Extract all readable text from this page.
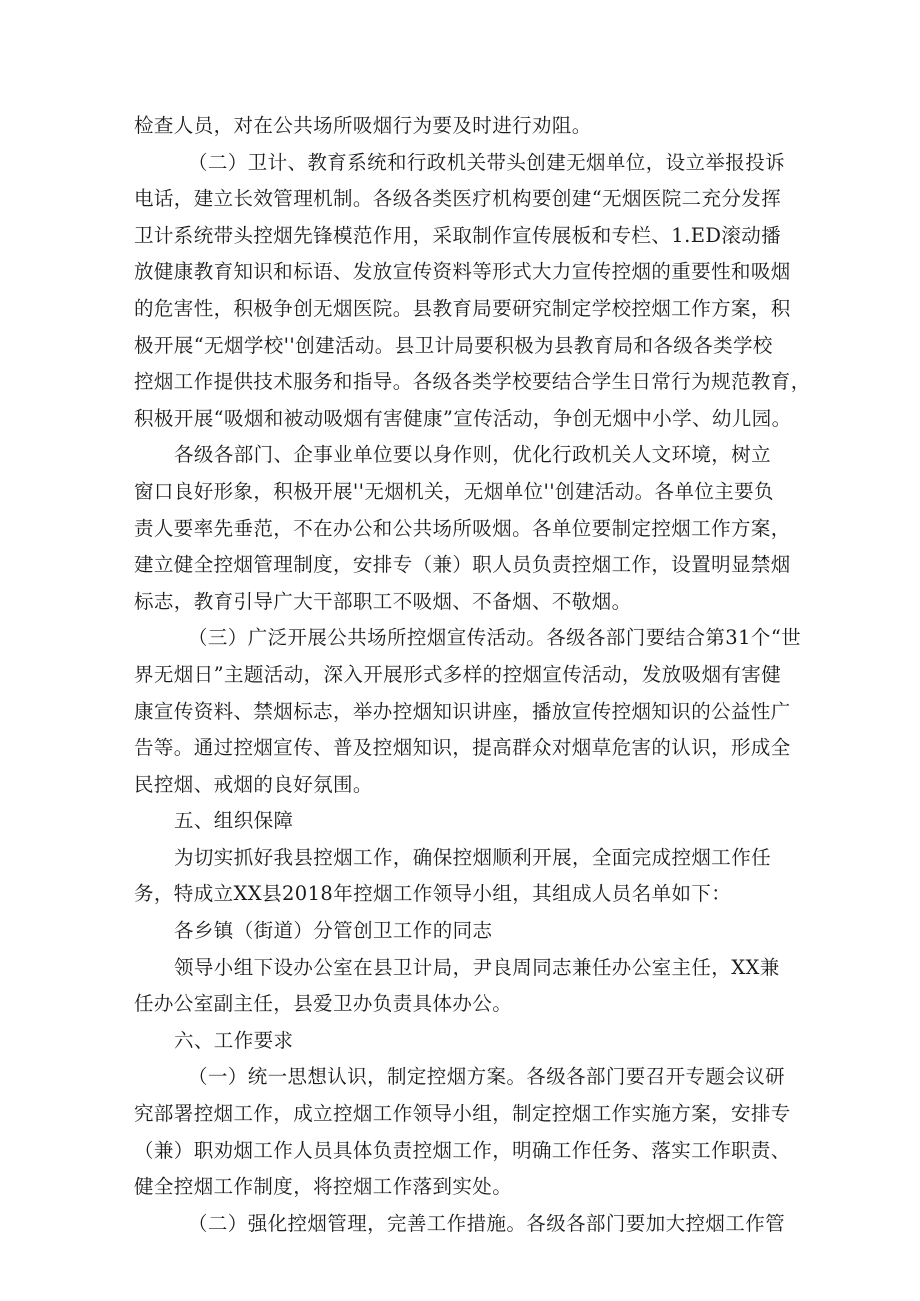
检查人员，对在公共场所吸烟行为要及时进行劝阻。
（二）卫计、教育系统和行政机关带头创建无烟单位，设立举报投诉
电话，建立长效管理机制。各级各类医疗机构要创建“无烟医院二充分发挥
卫计系统带头控烟先锋模范作用，采取制作宣传展板和专栏、1.ED滚动播
放健康教育知识和标语、发放宣传资料等形式大力宣传控烟的重要性和吸烟
的危害性，积极争创无烟医院。县教育局要研究制定学校控烟工作方案，积
极开展“无烟学校''创建活动。县卫计局要积极为县教育局和各级各类学校
控烟工作提供技术服务和指导。各级各类学校要结合学生日常行为规范教育，
积极开展“吸烟和被动吸烟有害健康”宣传活动，争创无烟中小学、幼儿园。
各级各部门、企事业单位要以身作则，优化行政机关人文环境，树立
窗口良好形象，积极开展''无烟机关，无烟单位''创建活动。各单位主要负
责人要率先垂范，不在办公和公共场所吸烟。各单位要制定控烟工作方案，
建立健全控烟管理制度，安排专（兼）职人员负责控烟工作，设置明显禁烟
标志，教育引导广大干部职工不吸烟、不备烟、不敬烟。
（三）广泛开展公共场所控烟宣传活动。各级各部门要结合第31个“世
界无烟日”主题活动，深入开展形式多样的控烟宣传活动，发放吸烟有害健
康宣传资料、禁烟标志，举办控烟知识讲座，播放宣传控烟知识的公益性广
告等。通过控烟宣传、普及控烟知识，提高群众对烟草危害的认识，形成全
民控烟、戒烟的良好氛围。
五、组织保障
为切实抓好我县控烟工作，确保控烟顺利开展，全面完成控烟工作任
务，特成立XX县2018年控烟工作领导小组，其组成人员名单如下：
各乡镇（街道）分管创卫工作的同志
领导小组下设办公室在县卫计局，尹良周同志兼任办公室主任，XX兼
任办公室副主任，县爱卫办负责具体办公。
六、工作要求
（一）统一思想认识，制定控烟方案。各级各部门要召开专题会议研
究部署控烟工作，成立控烟工作领导小组，制定控烟工作实施方案，安排专
（兼）职劝烟工作人员具体负责控烟工作，明确工作任务、落实工作职责、
健全控烟工作制度，将控烟工作落到实处。
（二）强化控烟管理，完善工作措施。各级各部门要加大控烟工作管
